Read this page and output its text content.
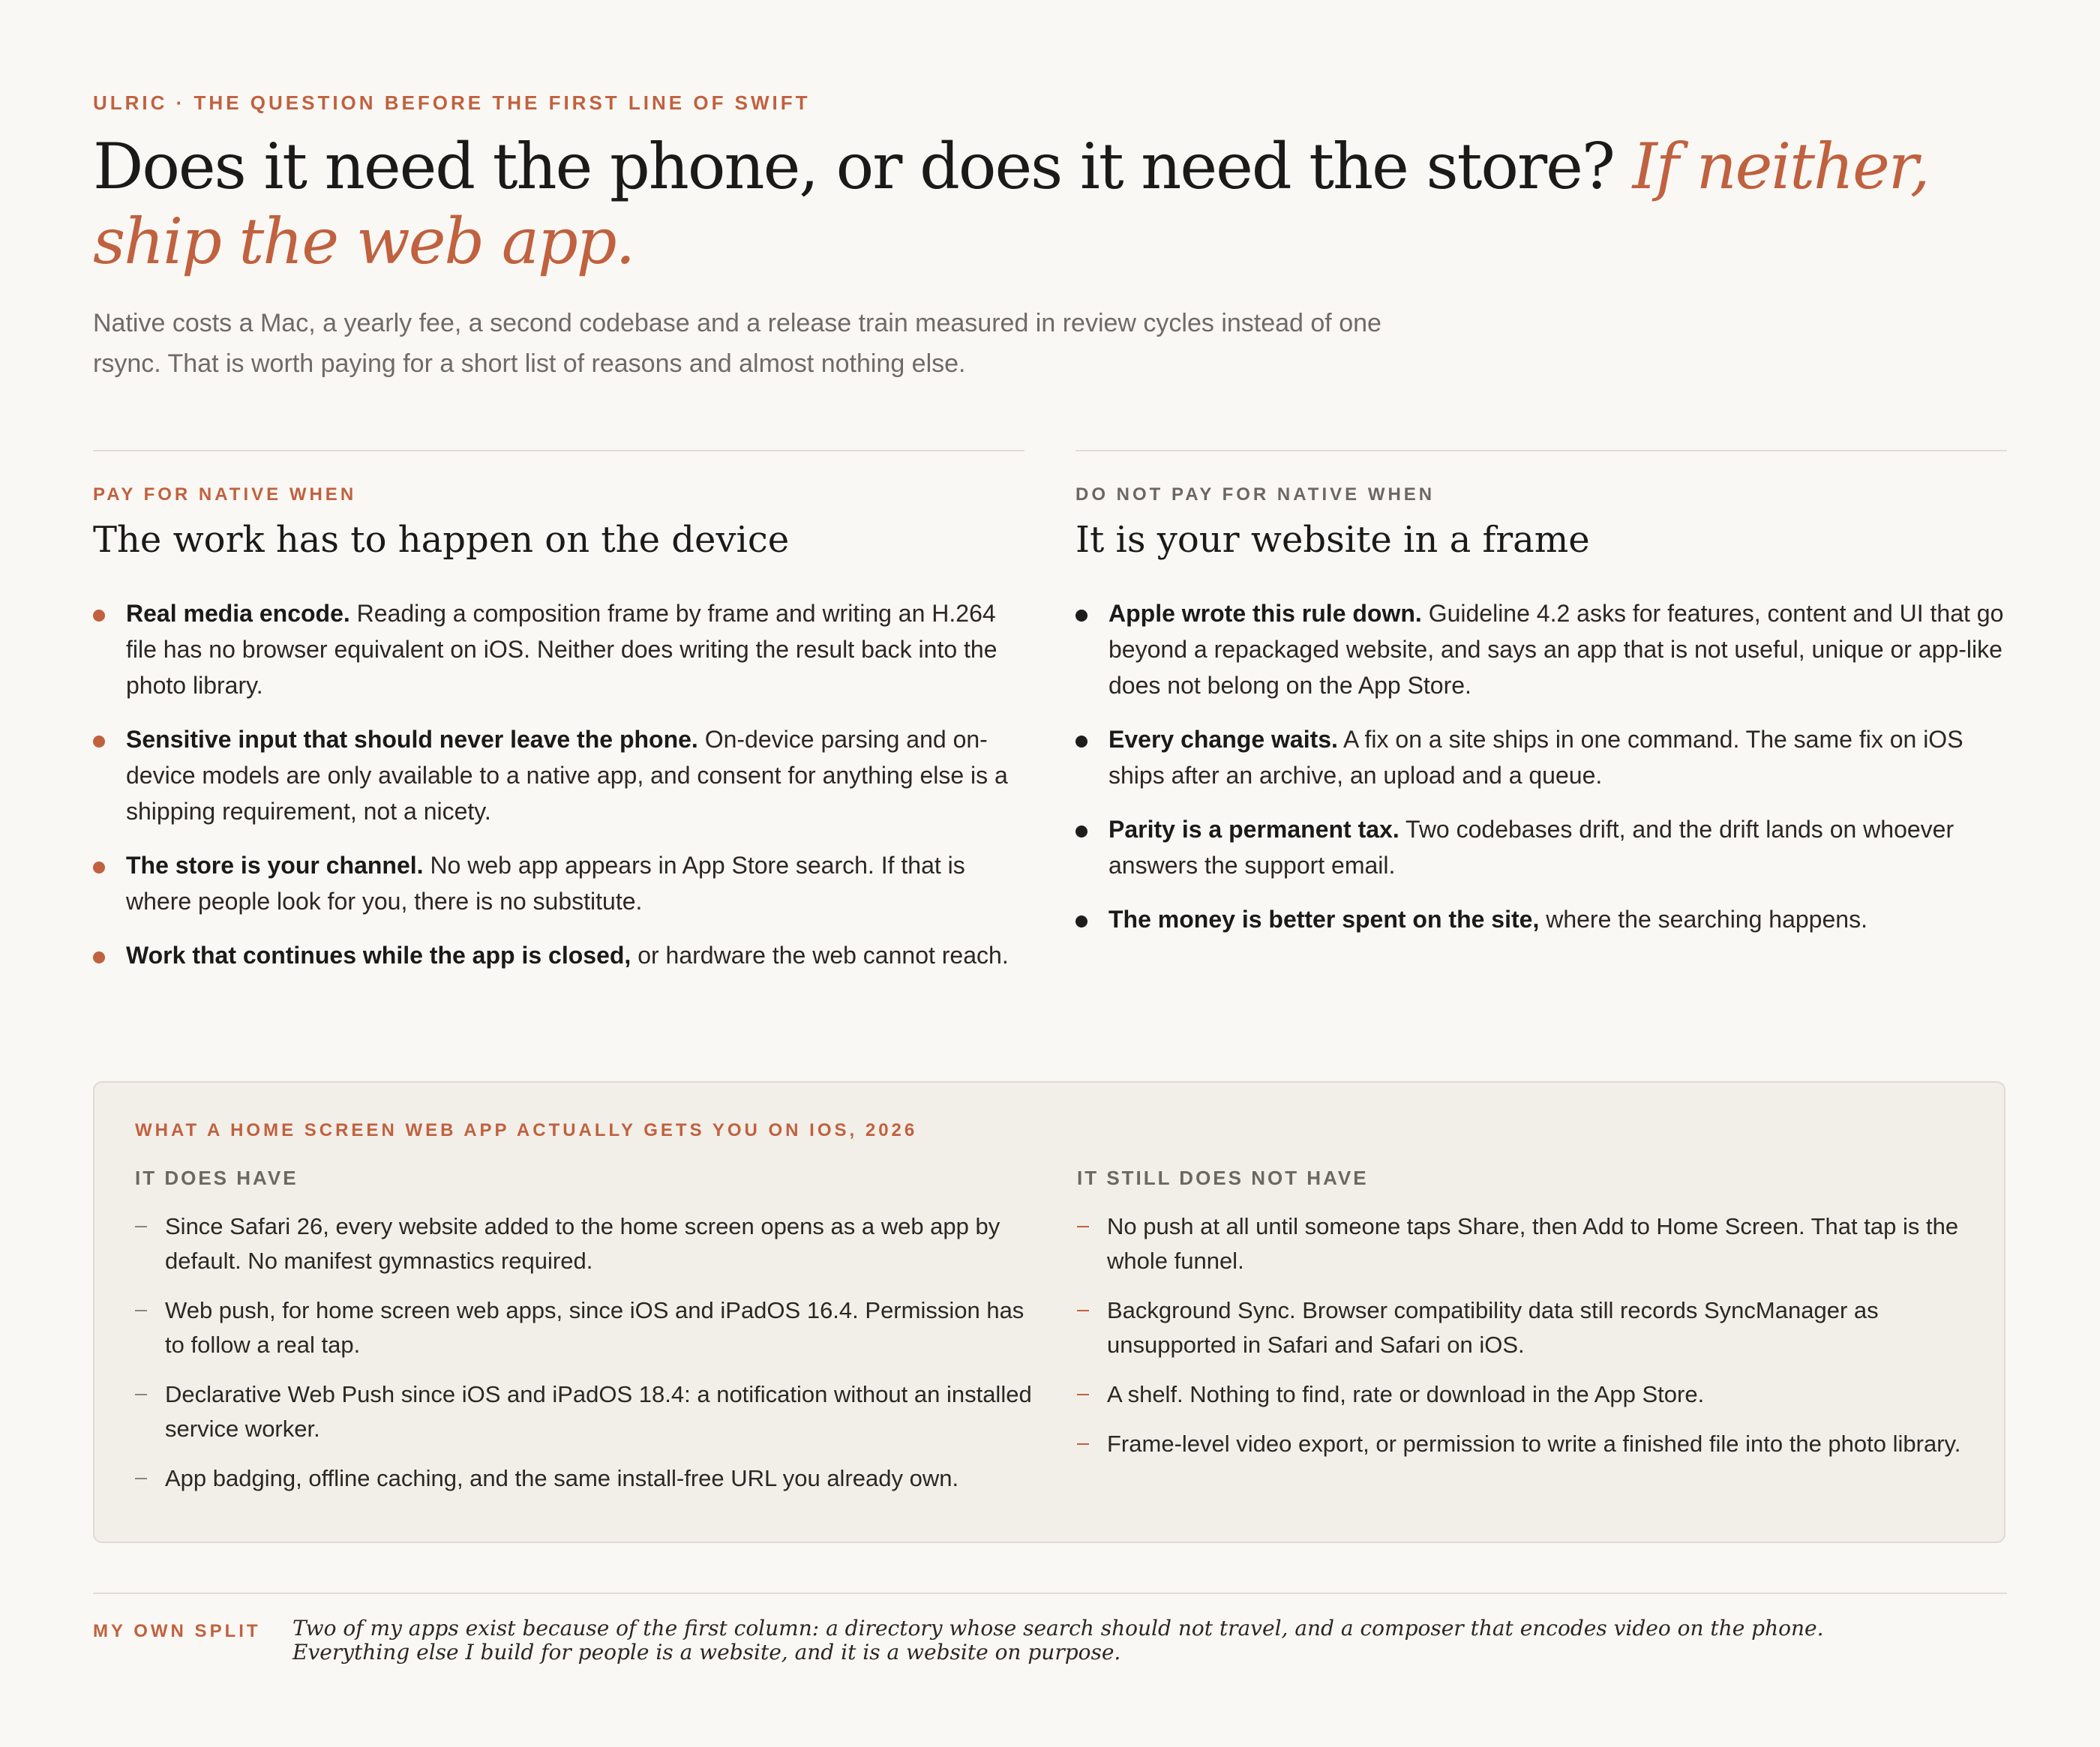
ULRIC · THE QUESTION BEFORE THE FIRST LINE OF SWIFT
Does it need the phone, or does it need the store? If neither, ship the web app.

Native costs a Mac, a yearly fee, a second codebase and a release train measured in review cycles instead of one rsync. That is worth paying for a short list of reasons and almost nothing else.

PAY FOR NATIVE WHEN
The work has to happen on the device
Real media encode. Reading a composition frame by frame and writing an H.264 file has no browser equivalent on iOS. Neither does writing the result back into the photo library.
Sensitive input that should never leave the phone. On-device parsing and on-device models are only available to a native app, and consent for anything else is a shipping requirement, not a nicety.
The store is your channel. No web app appears in App Store search. If that is where people look for you, there is no substitute.
Work that continues while the app is closed, or hardware the web cannot reach.
DO NOT PAY FOR NATIVE WHEN
It is your website in a frame
Apple wrote this rule down. Guideline 4.2 asks for features, content and UI that go beyond a repackaged website, and says an app that is not useful, unique or app-like does not belong on the App Store.
Every change waits. A fix on a site ships in one command. The same fix on iOS ships after an archive, an upload and a queue.
Parity is a permanent tax. Two codebases drift, and the drift lands on whoever answers the support email.
The money is better spent on the site, where the searching happens.
WHAT A HOME SCREEN WEB APP ACTUALLY GETS YOU ON IOS, 2026
IT DOES HAVE
Since Safari 26, every website added to the home screen opens as a web app by default. No manifest gymnastics required.
Web push, for home screen web apps, since iOS and iPadOS 16.4. Permission has to follow a real tap.
Declarative Web Push since iOS and iPadOS 18.4: a notification without an installed service worker.
App badging, offline caching, and the same install-free URL you already own.
IT STILL DOES NOT HAVE
No push at all until someone taps Share, then Add to Home Screen. That tap is the whole funnel.
Background Sync. Browser compatibility data still records SyncManager as unsupported in Safari and Safari on iOS.
A shelf. Nothing to find, rate or download in the App Store.
Frame-level video export, or permission to write a finished file into the photo library.
MY OWN SPLIT Two of my apps exist because of the first column: a directory whose search should not travel, and a composer that encodes video on the phone. Everything else I build for people is a website, and it is a website on purpose.
